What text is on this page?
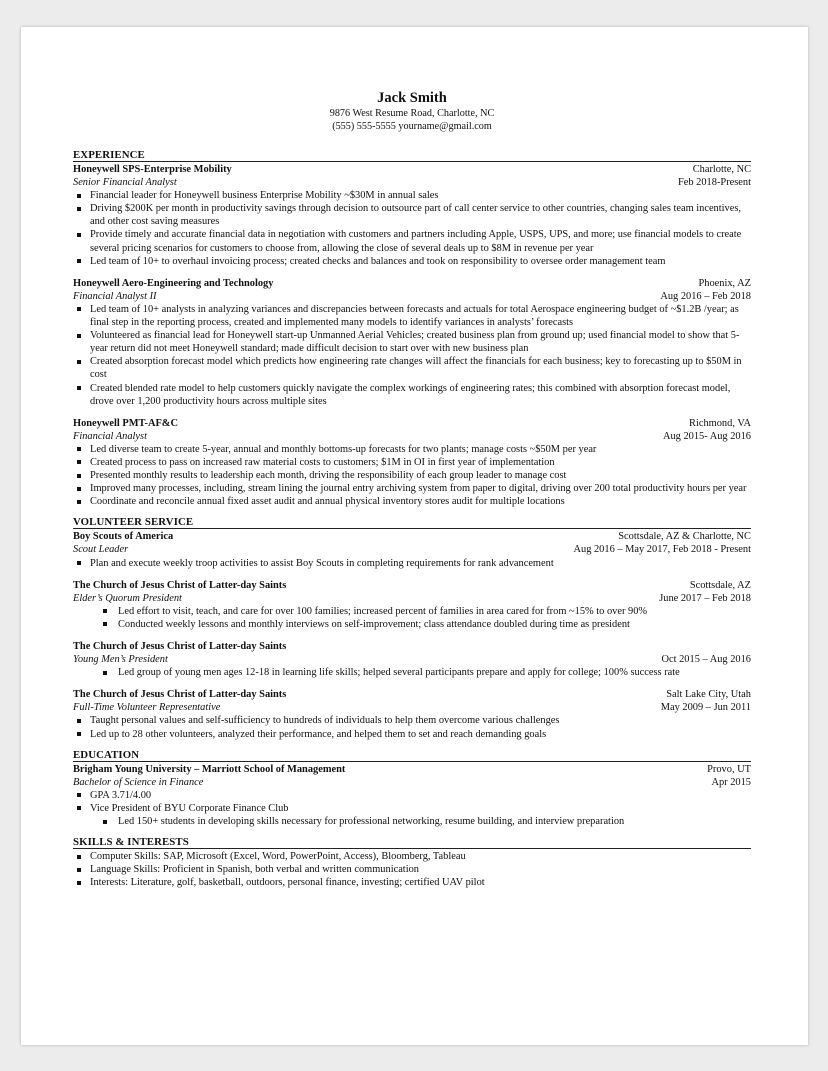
Jack Smith
9876 West Resume Road, Charlotte, NC
(555) 555-5555 yourname@gmail.com
EXPERIENCE
Honeywell SPS-Enterprise Mobility	Charlotte, NC
Senior Financial Analyst	Feb 2018-Present
Financial leader for Honeywell business Enterprise Mobility ~$30M in annual sales
Driving $200K per month in productivity savings through decision to outsource part of call center service to other countries, changing sales team incentives, and other cost saving measures
Provide timely and accurate financial data in negotiation with customers and partners including Apple, USPS, UPS, and more; use financial models to create several pricing scenarios for customers to choose from, allowing the close of several deals up to $8M in revenue per year
Led team of 10+ to overhaul invoicing process; created checks and balances and took on responsibility to oversee order management team
Honeywell Aero-Engineering and Technology	Phoenix, AZ
Financial Analyst II	Aug 2016 – Feb 2018
Led team of 10+ analysts in analyzing variances and discrepancies between forecasts and actuals for total Aerospace engineering budget of ~$1.2B /year; as final step in the reporting process, created and implemented many models to identify variances in analysts’ forecasts
Volunteered as financial lead for Honeywell start-up Unmanned Aerial Vehicles; created business plan from ground up; used financial model to show that 5-year return did not meet Honeywell standard; made difficult decision to start over with new business plan
Created absorption forecast model which predicts how engineering rate changes will affect the financials for each business; key to forecasting up to $50M in cost
Created blended rate model to help customers quickly navigate the complex workings of engineering rates; this combined with absorption forecast model, drove over 1,200 productivity hours across multiple sites
Honeywell PMT-AF&C	Richmond, VA
Financial Analyst	Aug 2015- Aug 2016
Led diverse team to create 5-year, annual and monthly bottoms-up forecasts for two plants; manage costs ~$50M per year
Created process to pass on increased raw material costs to customers; $1M in OI in first year of implementation
Presented monthly results to leadership each month, driving the responsibility of each group leader to manage cost
Improved many processes, including, stream lining the journal entry archiving system from paper to digital, driving over 200 total productivity hours per year
Coordinate and reconcile annual fixed asset audit and annual physical inventory stores audit for multiple locations
VOLUNTEER SERVICE
Boy Scouts of America	Scottsdale, AZ & Charlotte, NC
Scout Leader	Aug 2016 – May 2017, Feb 2018 - Present
Plan and execute weekly troop activities to assist Boy Scouts in completing requirements for rank advancement
The Church of Jesus Christ of Latter-day Saints	Scottsdale, AZ
Elder’s Quorum President	June 2017 – Feb 2018
Led effort to visit, teach, and care for over 100 families; increased percent of families in area cared for from ~15% to over 90%
Conducted weekly lessons and monthly interviews on self-improvement; class attendance doubled during time as president
The Church of Jesus Christ of Latter-day Saints
Young Men’s President	Oct 2015 – Aug 2016
Led group of young men ages 12-18 in learning life skills; helped several participants prepare and apply for college; 100% success rate
The Church of Jesus Christ of Latter-day Saints	Salt Lake City, Utah
Full-Time Volunteer Representative	May 2009 – Jun 2011
Taught personal values and self-sufficiency to hundreds of individuals to help them overcome various challenges
Led up to 28 other volunteers, analyzed their performance, and helped them to set and reach demanding goals
EDUCATION
Brigham Young University – Marriott School of Management	Provo, UT
Bachelor of Science in Finance	Apr 2015
GPA 3.71/4.00
Vice President of BYU Corporate Finance Club
Led 150+ students in developing skills necessary for professional networking, resume building, and interview preparation
SKILLS & INTERESTS
Computer Skills: SAP, Microsoft (Excel, Word, PowerPoint, Access), Bloomberg, Tableau
Language Skills: Proficient in Spanish, both verbal and written communication
Interests: Literature, golf, basketball, outdoors, personal finance, investing; certified UAV pilot
